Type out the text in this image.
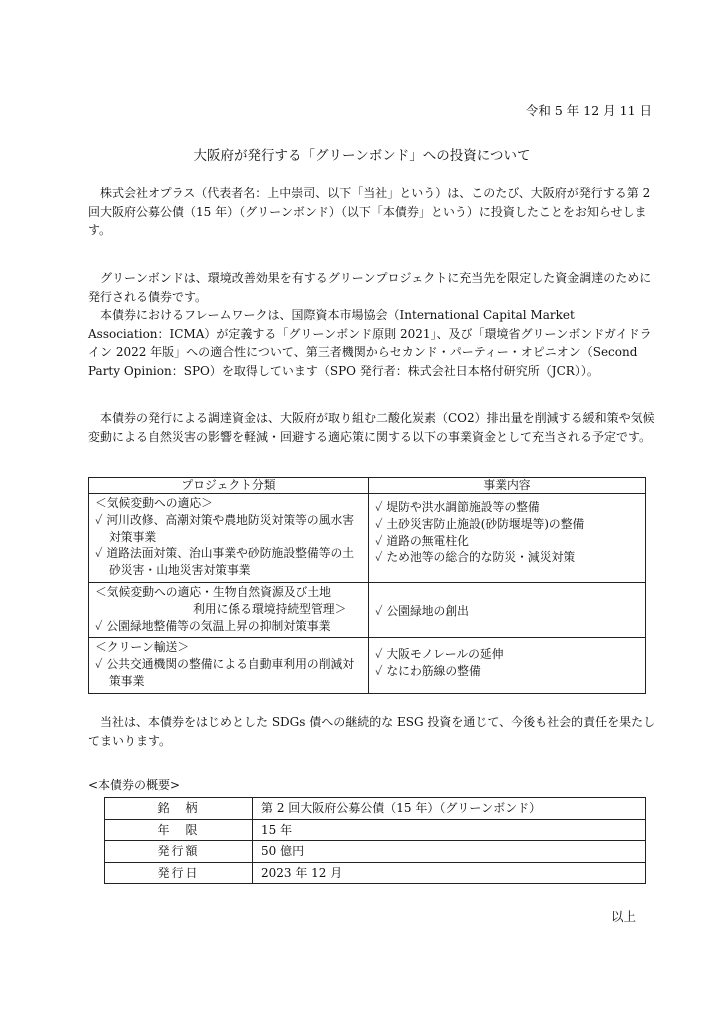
令和 5 年 12 月 11 日
大阪府が発行する「グリーンボンド」への投資について
株式会社オプラス（代表者名：上中崇司、以下「当社」という）は、このたび、大阪府が発行する第 2 回大阪府公募公債（15 年）（グリーンボンド）（以下「本債券」という）に投資したことをお知らせします。

グリーンボンドは、環境改善効果を有するグリーンプロジェクトに充当先を限定した資金調達のために発行される債券です。

本債券におけるフレームワークは、国際資本市場協会（International Capital Market Association：ICMA）が定義する「グリーンボンド原則 2021」、及び「環境省グリーンボンドガイドライン 2022 年版」への適合性について、第三者機関からセカンド・パーティー・オピニオン（Second Party Opinion：SPO）を取得しています（SPO 発行者：株式会社日本格付研究所（JCR））。

本債券の発行による調達資金は、大阪府が取り組む二酸化炭素（CO2）排出量を削減する緩和策や気候変動による自然災害の影響を軽減・回避する適応策に関する以下の事業資金として充当される予定です。
プロジェクト分類	事業内容

＜気候変動への適応＞
✓ 河川改修、高潮対策や農地防災対策等の風水害対策事業
✓ 道路法面対策、治山事業や砂防施設整備等の土砂災害・山地災害対策事業	✓ 堤防や洪水調節施設等の整備
✓ 土砂災害防止施設(砂防堰堤等)の整備
✓ 道路の無電柱化
✓ ため池等の総合的な防災・減災対策

＜気候変動への適応・生物自然資源及び土地
利用に係る環境持続型管理＞
✓ 公園緑地整備等の気温上昇の抑制対策事業	✓ 公園緑地の創出

＜クリーン輸送＞
✓ 公共交通機関の整備による自動車利用の削減対策事業	✓ 大阪モノレールの延伸
✓ なにわ筋線の整備
当社は、本債券をはじめとした SDGs 債への継続的な ESG 投資を通じて、今後も社会的責任を果たしてまいります。
<本債券の概要>
銘　柄	第 2 回大阪府公募公債（15 年）（グリーンボンド）
年　限	15 年
発行額	50 億円
発行日	2023 年 12 月
以上
